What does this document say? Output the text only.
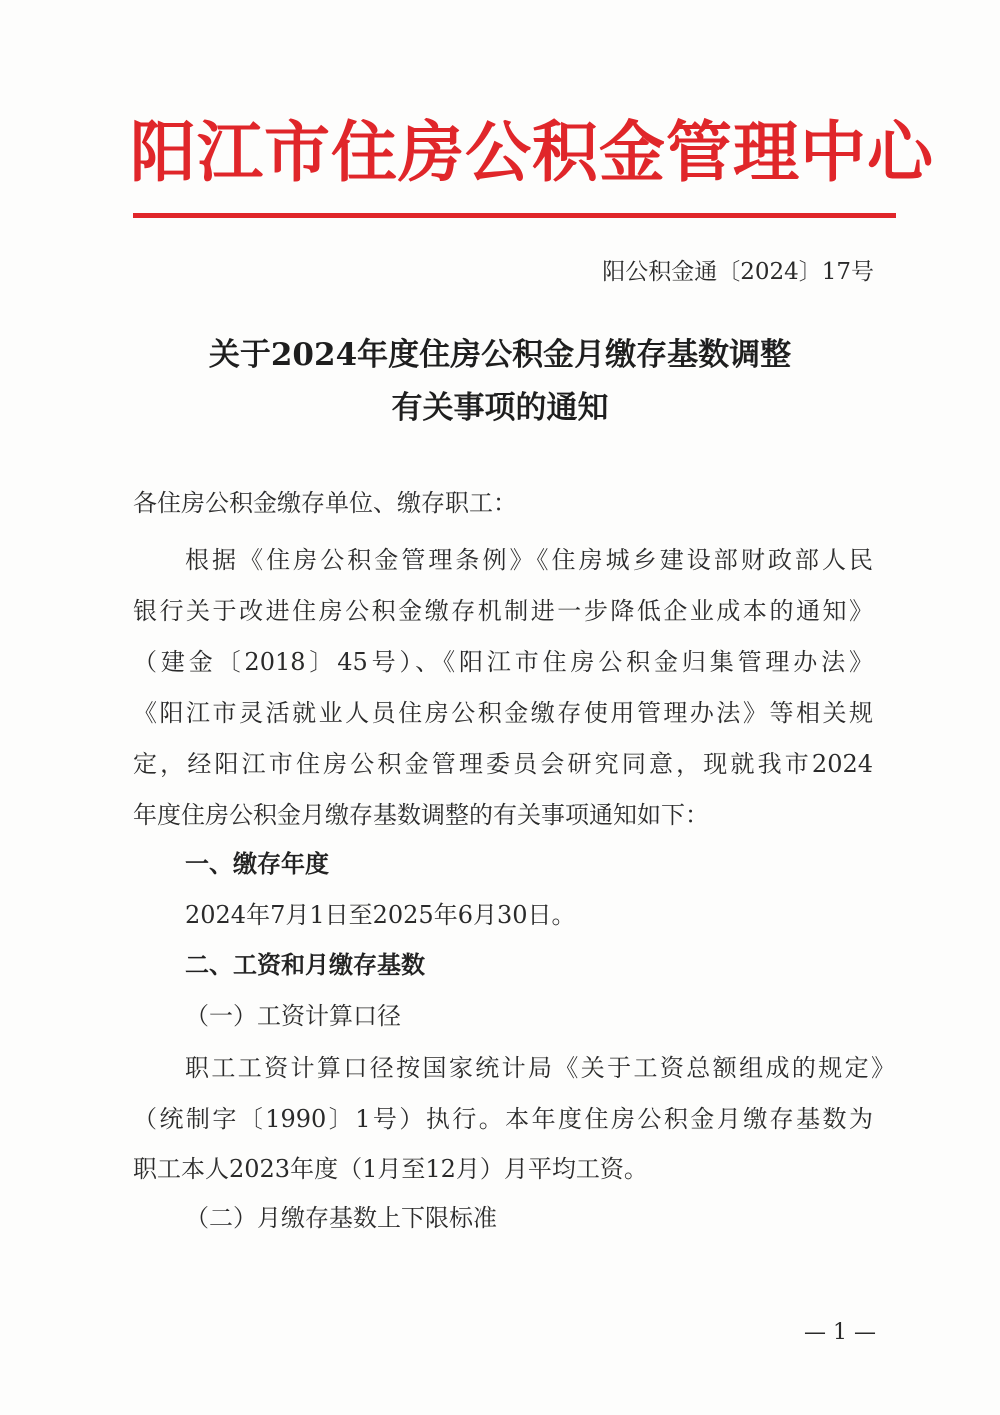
阳江市住房公积金管理中心
阳公积金通〔2024〕17号
关于2024年度住房公积金月缴存基数调整
有关事项的通知
各住房公积金缴存单位、缴存职工：
根据《住房公积金管理条例》《住房城乡建设部财政部人民
银行关于改进住房公积金缴存机制进一步降低企业成本的通知》
（建金〔2018〕45号）、《阳江市住房公积金归集管理办法》
《阳江市灵活就业人员住房公积金缴存使用管理办法》等相关规
定，经阳江市住房公积金管理委员会研究同意，现就我市2024
年度住房公积金月缴存基数调整的有关事项通知如下：
一、缴存年度
2024年7月1日至2025年6月30日。
二、工资和月缴存基数
（一）工资计算口径
职工工资计算口径按国家统计局《关于工资总额组成的规定》
（统制字〔1990〕1号）执行。本年度住房公积金月缴存基数为
职工本人2023年度（1月至12月）月平均工资。
（二）月缴存基数上下限标准
— 1 —
